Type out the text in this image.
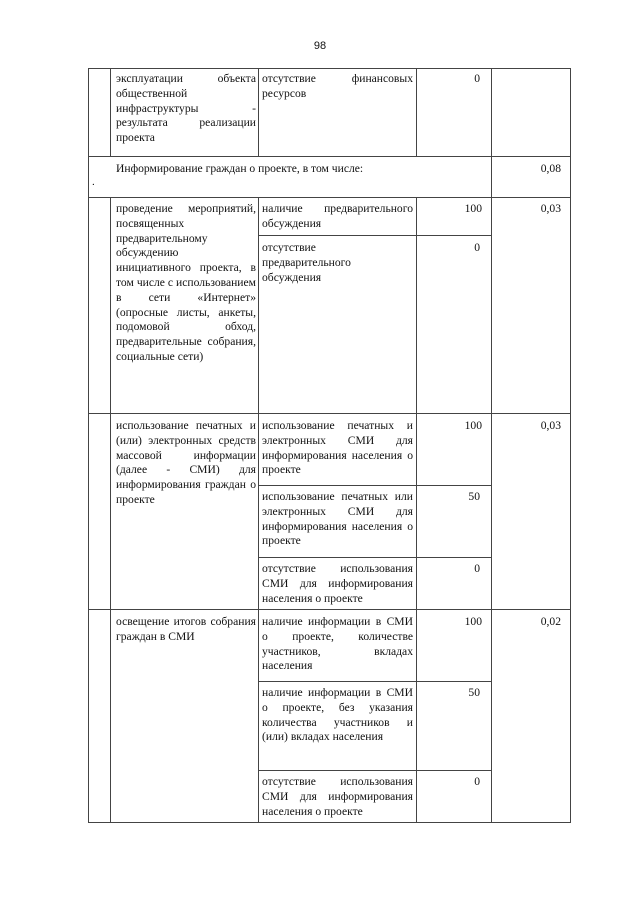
98

эксплуатации объекта общественной инфраструктуры - результата реализации проекта

отсутствие финансовых ресурсов

0
.

Информирование граждан о проекте, в том числе:	0,08

проведение мероприятий, посвященных предварительному обсуждению инициативного проекта, в том числе с использованием в сети «Интернет» (опросные листы, анкеты, подомовой обход, предварительные собрания, социальные сети)

0,03

наличие предварительного обсуждения

100

отсутствие предварительного обсуждения

0

использование печатных и (или) электронных средств массовой информации (далее - СМИ) для информирования граждан о проекте

0,03

использование печатных и электронных СМИ для информирования населения о проекте

100

использование печатных или электронных СМИ для информирования населения о проекте

50

отсутствие использования СМИ для информирования населения о проекте

0

освещение итогов собрания граждан в СМИ

0,02

наличие информации в СМИ о проекте, количестве участников, вкладах населения

100

наличие информации в СМИ о проекте, без указания количества участников и (или) вкладах населения

50

отсутствие использования СМИ для информирования населения о проекте

0
